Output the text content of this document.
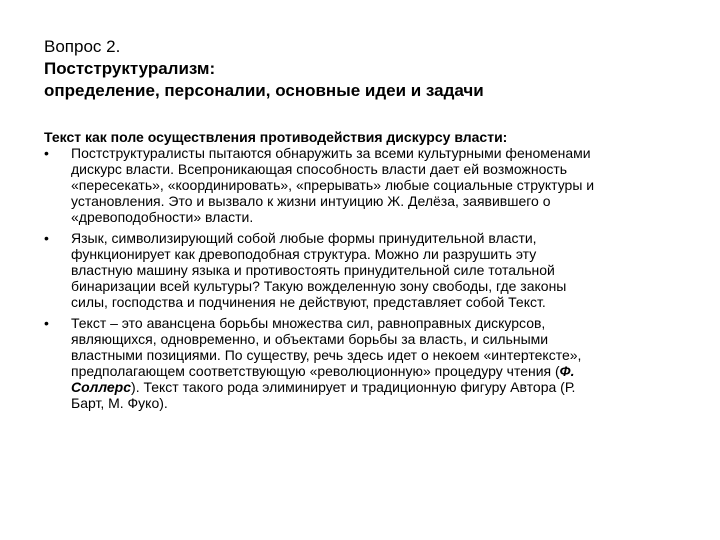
Вопрос 2.
Постструктурализм:
определение, персоналии, основные идеи и задачи
Текст как поле осуществления противодействия дискурсу власти:
• Постструктуралисты пытаются обнаружить за всеми культурными феноменами
дискурс власти. Всепроникающая способность власти дает ей возможность
«пересекать», «координировать», «прерывать» любые социальные структуры и
установления. Это и вызвало к жизни интуицию Ж. Делёза, заявившего о
«древоподобности» власти.
• Язык, символизирующий собой любые формы принудительной власти,
функционирует как древоподобная структура. Можно ли разрушить эту
властную машину языка и противостоять принудительной силе тотальной
бинаризации всей культуры? Такую вожделенную зону свободы, где законы
силы, господства и подчинения не действуют, представляет собой Текст.
• Текст – это авансцена борьбы множества сил, равноправных дискурсов,
являющихся, одновременно, и объектами борьбы за власть, и сильными
властными позициями. По существу, речь здесь идет о некоем «интертексте»,
предполагающем соответствующую «революционную» процедуру чтения (Ф.
Соллерс). Текст такого рода элиминирует и традиционную фигуру Автора (Р.
Барт, М. Фуко).
